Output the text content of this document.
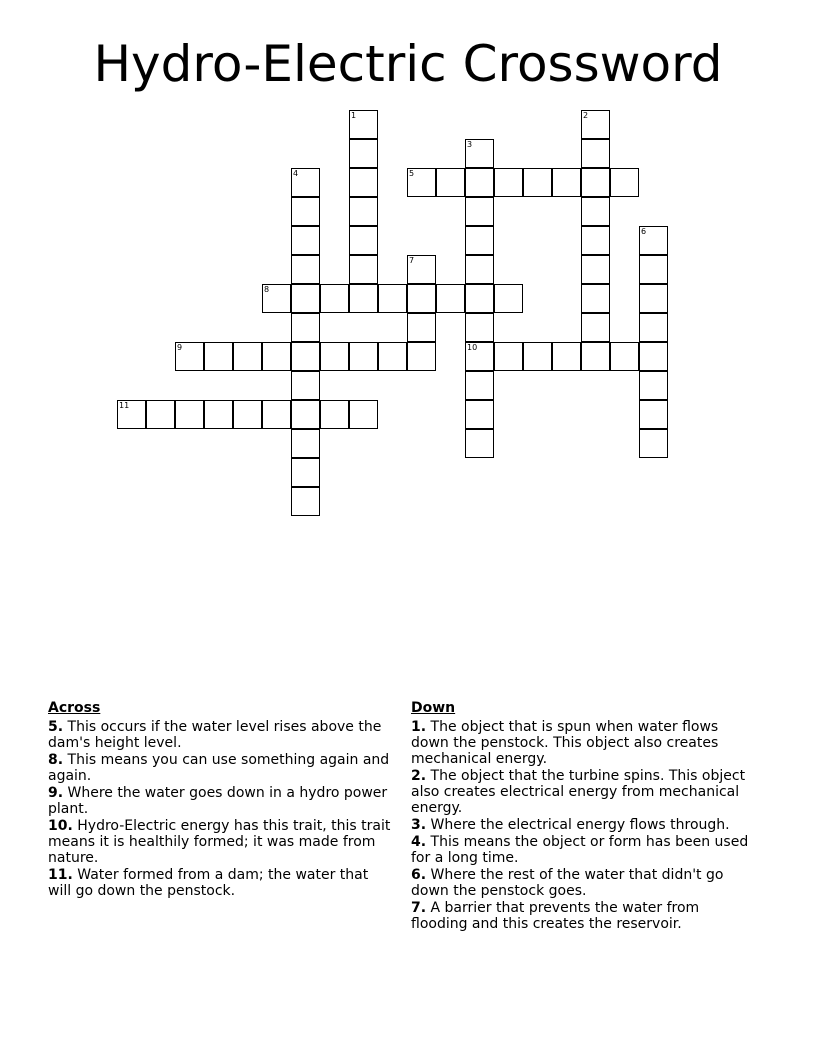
Hydro-Electric Crossword
5
8
9	10
11
1	2
3
4
6
7
Across
5. This occurs if the water level rises above the dam's height level.
8. This means you can use something again and again.
9. Where the water goes down in a hydro power plant.
10. Hydro-Electric energy has this trait, this trait means it is healthily formed; it was made from nature.
11. Water formed from a dam; the water that will go down the penstock.
Down
1. The object that is spun when water flows down the penstock. This object also creates mechanical energy.
2. The object that the turbine spins. This object also creates electrical energy from mechanical energy.
3. Where the electrical energy flows through.
4. This means the object or form has been used for a long time.
6. Where the rest of the water that didn't go down the penstock goes.
7. A barrier that prevents the water from flooding and this creates the reservoir.
